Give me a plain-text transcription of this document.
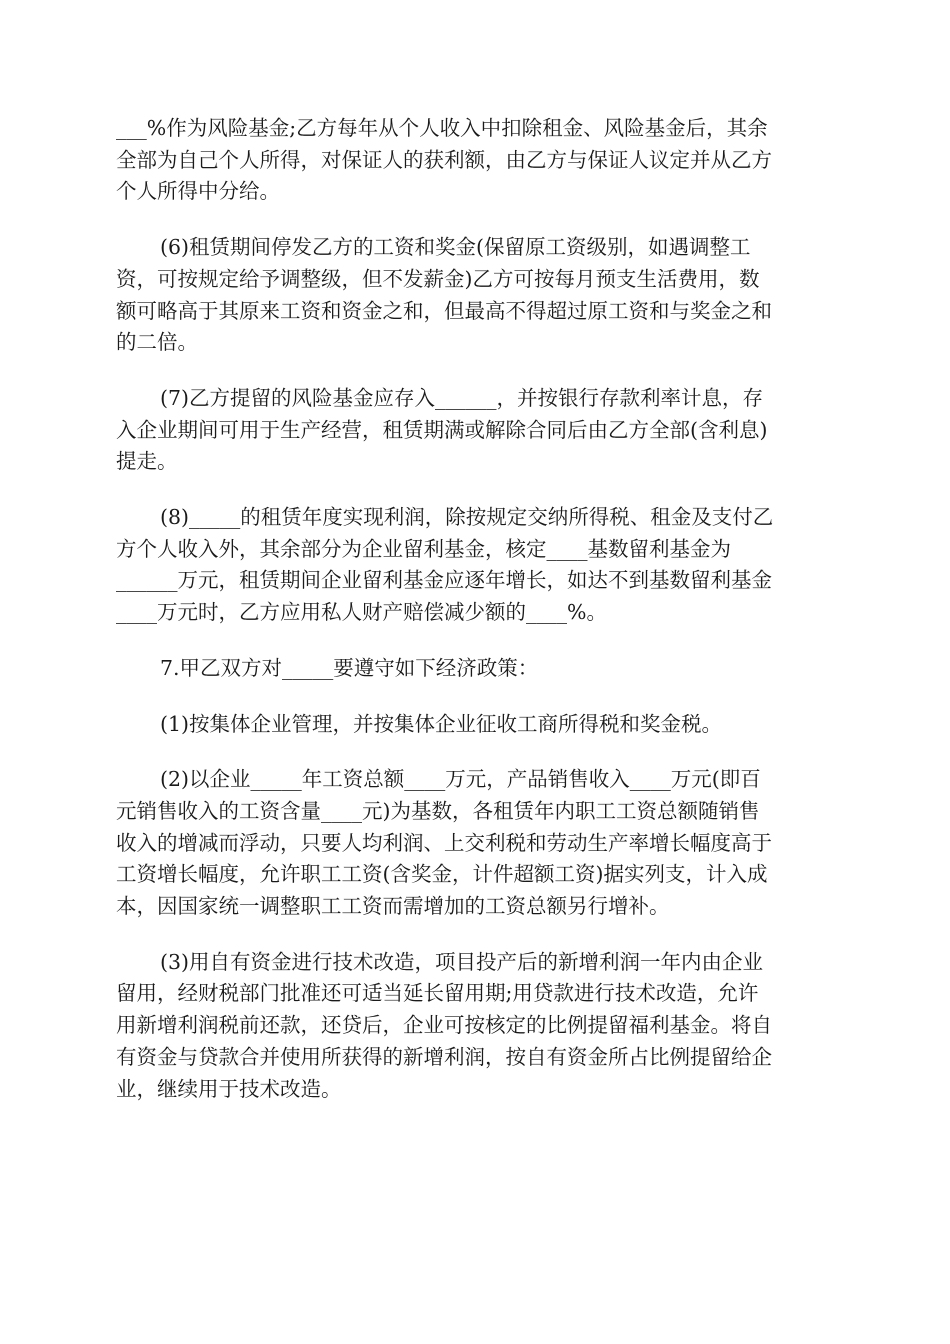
___%作为风险基金;乙方每年从个人收入中扣除租金、风险基金后，其余
全部为自己个人所得，对保证人的获利额，由乙方与保证人议定并从乙方
个人所得中分给。

(6)租赁期间停发乙方的工资和奖金(保留原工资级别，如遇调整工
资，可按规定给予调整级，但不发薪金)乙方可按每月预支生活费用，数
额可略高于其原来工资和资金之和，但最高不得超过原工资和与奖金之和
的二倍。

(7)乙方提留的风险基金应存入______，并按银行存款利率计息，存
入企业期间可用于生产经营，租赁期满或解除合同后由乙方全部(含利息)
提走。

(8)_____的租赁年度实现利润，除按规定交纳所得税、租金及支付乙
方个人收入外，其余部分为企业留利基金，核定____基数留利基金为
______万元，租赁期间企业留利基金应逐年增长，如达不到基数留利基金
____万元时，乙方应用私人财产赔偿减少额的____%。

7.甲乙双方对_____要遵守如下经济政策：

(1)按集体企业管理，并按集体企业征收工商所得税和奖金税。

(2)以企业_____年工资总额____万元，产品销售收入____万元(即百
元销售收入的工资含量____元)为基数，各租赁年内职工工资总额随销售
收入的增减而浮动，只要人均利润、上交利税和劳动生产率增长幅度高于
工资增长幅度，允许职工工资(含奖金，计件超额工资)据实列支，计入成
本，因国家统一调整职工工资而需增加的工资总额另行增补。

(3)用自有资金进行技术改造，项目投产后的新增利润一年内由企业
留用，经财税部门批准还可适当延长留用期;用贷款进行技术改造，允许
用新增利润税前还款，还贷后，企业可按核定的比例提留福利基金。将自
有资金与贷款合并使用所获得的新增利润，按自有资金所占比例提留给企
业，继续用于技术改造。
